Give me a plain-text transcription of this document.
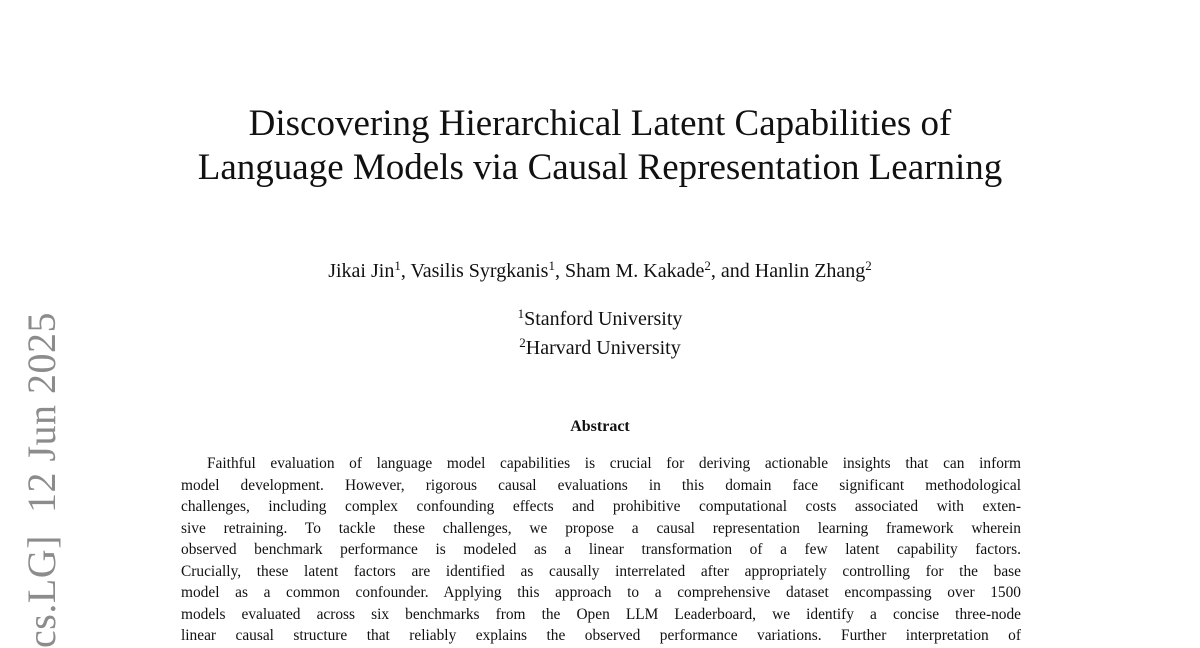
cs.LG]12 Jun 2025
Discovering Hierarchical Latent Capabilities of
Language Models via Causal Representation Learning
Jikai Jin$^1$, Vasilis Syrgkanis$^1$, Sham M. Kakade$^2$, and Hanlin Zhang$^2$
$^1$Stanford University
$^2$Harvard University
Abstract
Faithful evaluation of language model capabilities is crucial for deriving actionable insights that can inform
model development. However, rigorous causal evaluations in this domain face significant methodological
challenges, including complex confounding effects and prohibitive computational costs associated with exten-
sive retraining. To tackle these challenges, we propose a causal representation learning framework wherein
observed benchmark performance is modeled as a linear transformation of a few latent capability factors.
Crucially, these latent factors are identified as causally interrelated after appropriately controlling for the base
model as a common confounder. Applying this approach to a comprehensive dataset encompassing over 1500
models evaluated across six benchmarks from the Open LLM Leaderboard, we identify a concise three-node
linear causal structure that reliably explains the observed performance variations. Further interpretation of
